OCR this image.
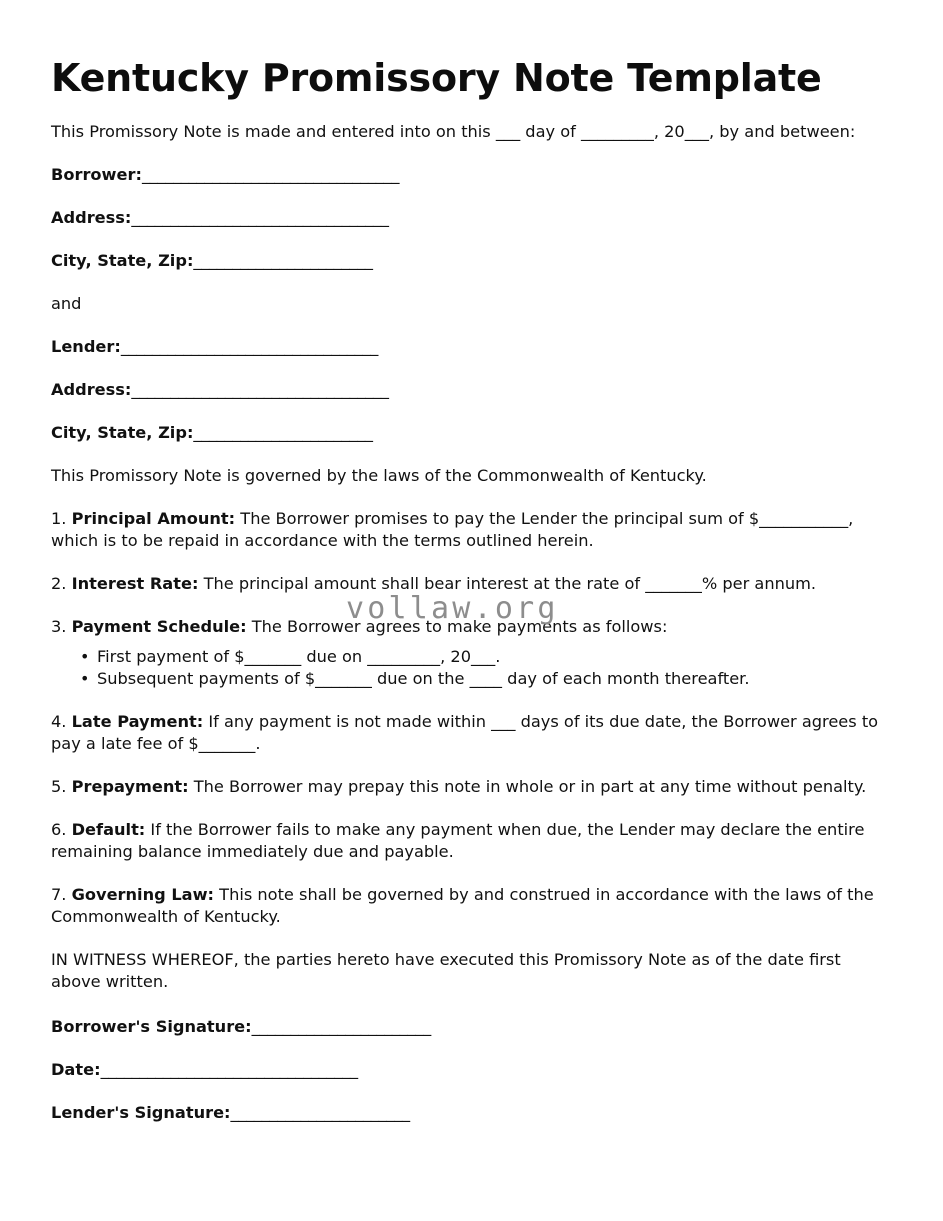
Kentucky Promissory Note Template

This Promissory Note is made and entered into on this ___ day of _________, 20___, by and between:

Borrower:_________________________________

Address:_________________________________

City, State, Zip:_______________________

and

Lender:_________________________________

Address:_________________________________

City, State, Zip:_______________________

This Promissory Note is governed by the laws of the Commonwealth of Kentucky.

1. Principal Amount: The Borrower promises to pay the Lender the principal sum of $___________, which is to be repaid in accordance with the terms outlined herein.

2. Interest Rate: The principal amount shall bear interest at the rate of _______% per annum.

3. Payment Schedule: The Borrower agrees to make payments as follows:

• First payment of $_______ due on _________, 20___.
• Subsequent payments of $_______ due on the ____ day of each month thereafter.

4. Late Payment: If any payment is not made within ___ days of its due date, the Borrower agrees to pay a late fee of $_______.

5. Prepayment: The Borrower may prepay this note in whole or in part at any time without penalty.

6. Default: If the Borrower fails to make any payment when due, the Lender may declare the entire remaining balance immediately due and payable.

7. Governing Law: This note shall be governed by and construed in accordance with the laws of the Commonwealth of Kentucky.

IN WITNESS WHEREOF, the parties hereto have executed this Promissory Note as of the date first above written.

Borrower's Signature:_______________________

Date:_________________________________

Lender's Signature:_______________________

vollaw.org
